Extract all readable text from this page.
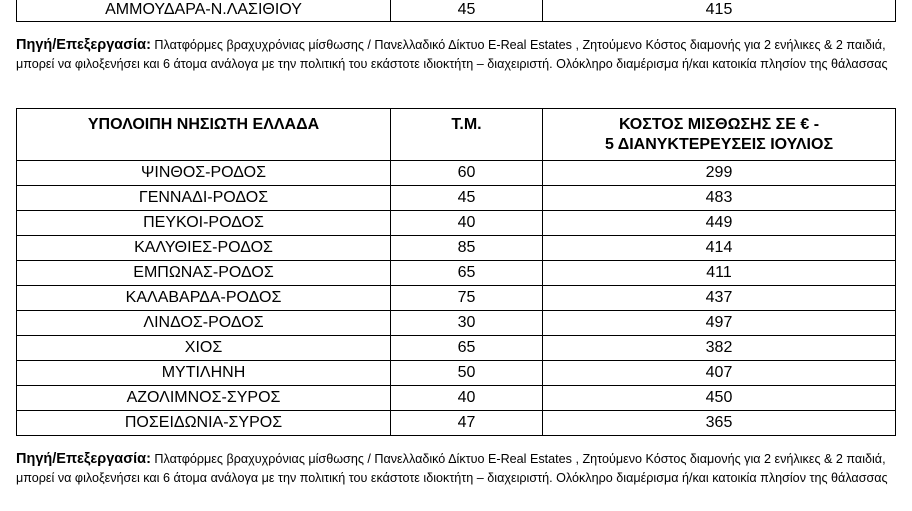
ΑΜΜΟΥΔΑΡΑ-Ν.ΛΑΣΙΘΙΟΥ	45	415
Πηγή/Επεξεργασία: Πλατφόρμες βραχυχρόνιας μίσθωσης / Πανελλαδικό Δίκτυο E-Real Estates , Ζητούμενο Κόστος διαμονής για 2 ενήλικες & 2 παιδιά, μπορεί να φιλοξενήσει και 6 άτομα ανάλογα με την πολιτική του εκάστοτε ιδιοκτήτη – διαχειριστή. Ολόκληρο διαμέρισμα ή/και κατοικία πλησίον της θάλασσας
ΥΠΟΛΟΙΠΗ ΝΗΣΙΩΤΗ ΕΛΛΑΔΑ	Τ.Μ.	ΚΟΣΤΟΣ ΜΙΣΘΩΣΗΣ ΣΕ € -
5 ΔΙΑΝΥΚΤΕΡΕΥΣΕΙΣ ΙΟΥΛΙΟΣ

ΨΙΝΘΟΣ-ΡΟΔΟΣ	60	299
ΓΕΝΝΑΔΙ-ΡΟΔΟΣ	45	483
ΠΕΥΚΟΙ-ΡΟΔΟΣ	40	449
ΚΑΛΥΘΙΕΣ-ΡΟΔΟΣ	85	414
ΕΜΠΩΝΑΣ-ΡΟΔΟΣ	65	411
ΚΑΛΑΒΑΡΔΑ-ΡΟΔΟΣ	75	437
ΛΙΝΔΟΣ-ΡΟΔΟΣ	30	497
ΧΙΟΣ	65	382
ΜΥΤΙΛΗΝΗ	50	407
ΑΖΟΛΙΜΝΟΣ-ΣΥΡΟΣ	40	450
ΠΟΣΕΙΔΩΝΙΑ-ΣΥΡΟΣ	47	365
Πηγή/Επεξεργασία: Πλατφόρμες βραχυχρόνιας μίσθωσης / Πανελλαδικό Δίκτυο E-Real Estates , Ζητούμενο Κόστος διαμονής για 2 ενήλικες & 2 παιδιά, μπορεί να φιλοξενήσει και 6 άτομα ανάλογα με την πολιτική του εκάστοτε ιδιοκτήτη – διαχειριστή. Ολόκληρο διαμέρισμα ή/και κατοικία πλησίον της θάλασσας
